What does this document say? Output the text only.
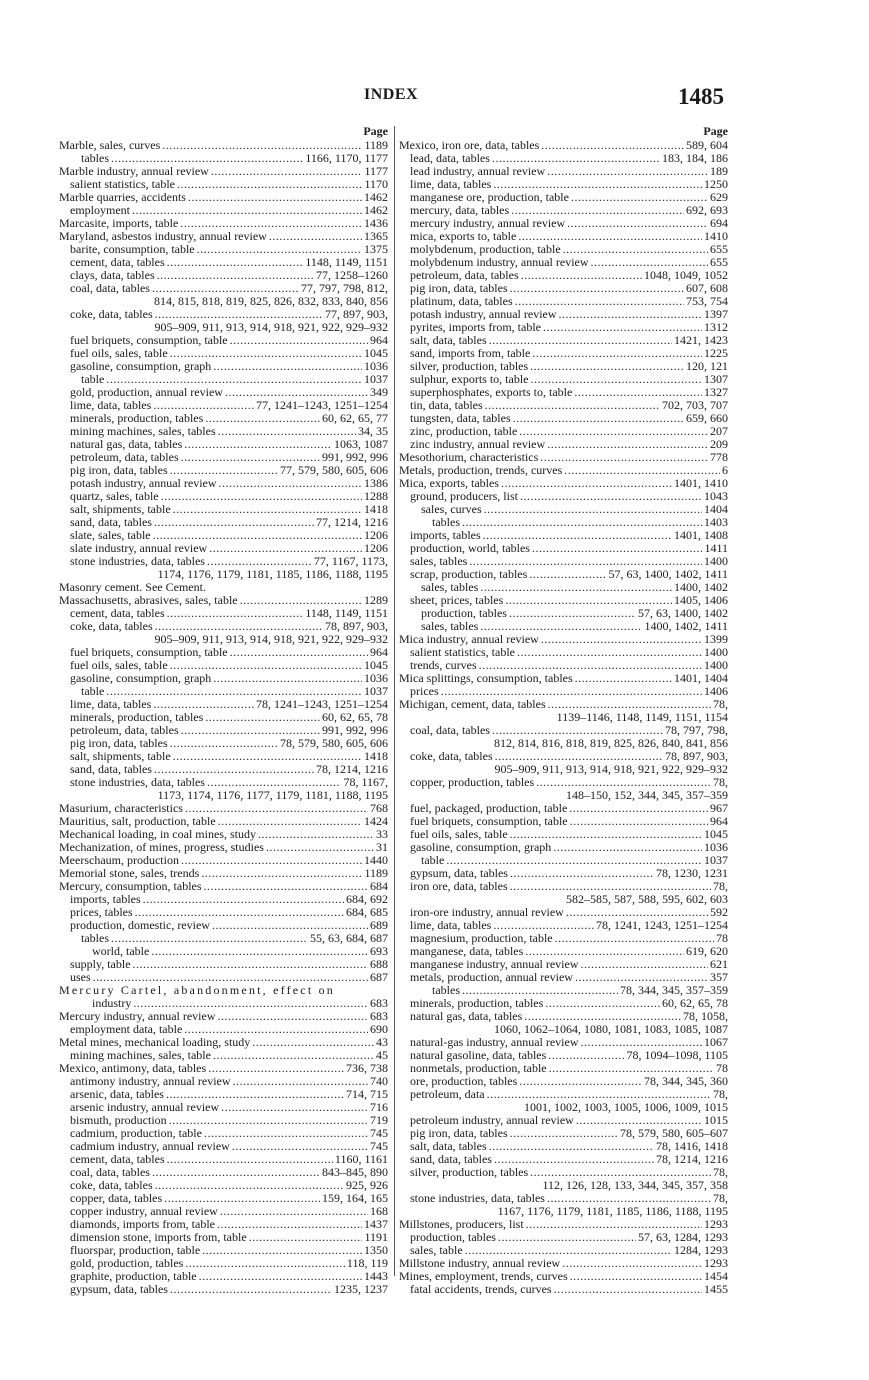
INDEX	1485
Page
Marble, sales, curves .....	1189
tables .....	1166, 1170, 1177
Marble industry, annual review .....	1177
salient statistics, table .....	1170
Marble quarries, accidents .....	1462
employment .....	1462
Marcasite, imports, table .....	1436
Maryland, asbestos industry, annual review .....	1365
barite, consumption, table .....	1375
cement, data, tables .....	1148, 1149, 1151
clays, data, tables .....	77, 1258–1260
coal, data, tables .....	77, 797, 798, 812,
814, 815, 818, 819, 825, 826, 832, 833, 840, 856
coke, data, tables .....	77, 897, 903,
905–909, 911, 913, 914, 918, 921, 922, 929–932
fuel briquets, consumption, table .....	964
fuel oils, sales, table .....	1045
gasoline, consumption, graph .....	1036
table .....	1037
gold, production, annual review .....	349
lime, data, tables .....	77, 1241–1243, 1251–1254
minerals, production, tables .....	60, 62, 65, 77
mining machines, sales, tables .....	34, 35
natural gas, data, tables .....	1063, 1087
petroleum, data, tables .....	991, 992, 996
pig iron, data, tables .....	77, 579, 580, 605, 606
potash industry, annual review .....	1386
quartz, sales, table .....	1288
salt, shipments, table .....	1418
sand, data, tables .....	77, 1214, 1216
slate, sales, table .....	1206
slate industry, annual review .....	1206
stone industries, data, tables .....	77, 1167, 1173,
1174, 1176, 1179, 1181, 1185, 1186, 1188, 1195
Masonry cement. See Cement.
Massachusetts, abrasives, sales, table .....	1289
cement, data, tables .....	1148, 1149, 1151
coke, data, tables .....	78, 897, 903,
905–909, 911, 913, 914, 918, 921, 922, 929–932
fuel briquets, consumption, table .....	964
fuel oils, sales, table .....	1045
gasoline, consumption, graph .....	1036
table .....	1037
lime, data, tables .....	78, 1241–1243, 1251–1254
minerals, production, tables .....	60, 62, 65, 78
petroleum, data, tables .....	991, 992, 996
pig iron, data, tables .....	78, 579, 580, 605, 606
salt, shipments, table .....	1418
sand, data, tables .....	78, 1214, 1216
stone industries, data, tables .....	78, 1167,
1173, 1174, 1176, 1177, 1179, 1181, 1188, 1195
Masurium, characteristics .....	768
Mauritius, salt, production, table .....	1424
Mechanical loading, in coal mines, study .....	33
Mechanization, of mines, progress, studies .....	31
Meerschaum, production .....	1440
Memorial stone, sales, trends .....	1189
Mercury, consumption, tables .....	684
imports, tables .....	684, 692
prices, tables .....	684, 685
production, domestic, review .....	689
tables .....	55, 63, 684, 687
world, table .....	693
supply, table .....	688
uses .....	687
Mercury Cartel, abandonment, effect on
industry .....	683
Mercury industry, annual review .....	683
employment data, table .....	690
Metal mines, mechanical loading, study .....	43
mining machines, sales, table .....	45
Mexico, antimony, data, tables .....	736, 738
antimony industry, annual review .....	740
arsenic, data, tables .....	714, 715
arsenic industry, annual review .....	716
bismuth, production .....	719
cadmium, production, table .....	745
cadmium industry, annual review .....	745
cement, data, tables .....	1160, 1161
coal, data, tables .....	843–845, 890
coke, data, tables .....	925, 926
copper, data, tables .....	159, 164, 165
copper industry, annual review .....	168
diamonds, imports from, table .....	1437
dimension stone, imports from, table .....	1191
fluorspar, production, table .....	1350
gold, production, tables .....	118, 119
graphite, production, table .....	1443
gypsum, data, tables .....	1235, 1237
Page
Mexico, iron ore, data, tables .....	589, 604
lead, data, tables .....	183, 184, 186
lead industry, annual review .....	189
lime, data, tables .....	1250
manganese ore, production, table .....	629
mercury, data, tables .....	692, 693
mercury industry, annual review .....	694
mica, exports to, table .....	1410
molybdenum, production, table .....	655
molybdenum industry, annual review .....	655
petroleum, data, tables .....	1048, 1049, 1052
pig iron, data, tables .....	607, 608
platinum, data, tables .....	753, 754
potash industry, annual review .....	1397
pyrites, imports from, table .....	1312
salt, data, tables .....	1421, 1423
sand, imports from, table .....	1225
silver, production, tables .....	120, 121
sulphur, exports to, table .....	1307
superphosphates, exports to, table .....	1327
tin, data, tables .....	702, 703, 707
tungsten, data, tables .....	659, 660
zinc, production, table .....	207
zinc industry, annual review .....	209
Mesothorium, characteristics .....	778
Metals, production, trends, curves .....	6
Mica, exports, tables .....	1401, 1410
ground, producers, list .....	1043
sales, curves .....	1404
tables .....	1403
imports, tables .....	1401, 1408
production, world, tables .....	1411
sales, tables .....	1400
scrap, production, tables .....	57, 63, 1400, 1402, 1411
sales, tables .....	1400, 1402
sheet, prices, tables .....	1405, 1406
production, tables .....	57, 63, 1400, 1402
sales, tables .....	1400, 1402, 1411
Mica industry, annual review .....	1399
salient statistics, table .....	1400
trends, curves .....	1400
Mica splittings, consumption, tables .....	1401, 1404
prices .....	1406
Michigan, cement, data, tables .....	78,
1139–1146, 1148, 1149, 1151, 1154
coal, data, tables .....	78, 797, 798,
812, 814, 816, 818, 819, 825, 826, 840, 841, 856
coke, data, tables .....	78, 897, 903,
905–909, 911, 913, 914, 918, 921, 922, 929–932
copper, production, tables .....	78,
148–150, 152, 344, 345, 357–359
fuel, packaged, production, table .....	967
fuel briquets, consumption, table .....	964
fuel oils, sales, table .....	1045
gasoline, consumption, graph .....	1036
table .....	1037
gypsum, data, tables .....	78, 1230, 1231
iron ore, data, tables .....	78,
582–585, 587, 588, 595, 602, 603
iron-ore industry, annual review .....	592
lime, data, tables .....	78, 1241, 1243, 1251–1254
magnesium, production, table .....	78
manganese, data, tables .....	619, 620
manganese industry, annual review .....	621
metals, production, annual review .....	357
tables .....	78, 344, 345, 357–359
minerals, production, tables .....	60, 62, 65, 78
natural gas, data, tables .....	78, 1058,
1060, 1062–1064, 1080, 1081, 1083, 1085, 1087
natural-gas industry, annual review .....	1067
natural gasoline, data, tables .....	78, 1094–1098, 1105
nonmetals, production, table .....	78
ore, production, tables .....	78, 344, 345, 360
petroleum, data .....	78,
1001, 1002, 1003, 1005, 1006, 1009, 1015
petroleum industry, annual review .....	1015
pig iron, data, tables .....	78, 579, 580, 605–607
salt, data, tables .....	78, 1416, 1418
sand, data, tables .....	78, 1214, 1216
silver, production, tables .....	78,
112, 126, 128, 133, 344, 345, 357, 358
stone industries, data, tables .....	78,
1167, 1176, 1179, 1181, 1185, 1186, 1188, 1195
Millstones, producers, list .....	1293
production, tables .....	57, 63, 1284, 1293
sales, table .....	1284, 1293
Millstone industry, annual review .....	1293
Mines, employment, trends, curves .....	1454
fatal accidents, trends, curves .....	1455
